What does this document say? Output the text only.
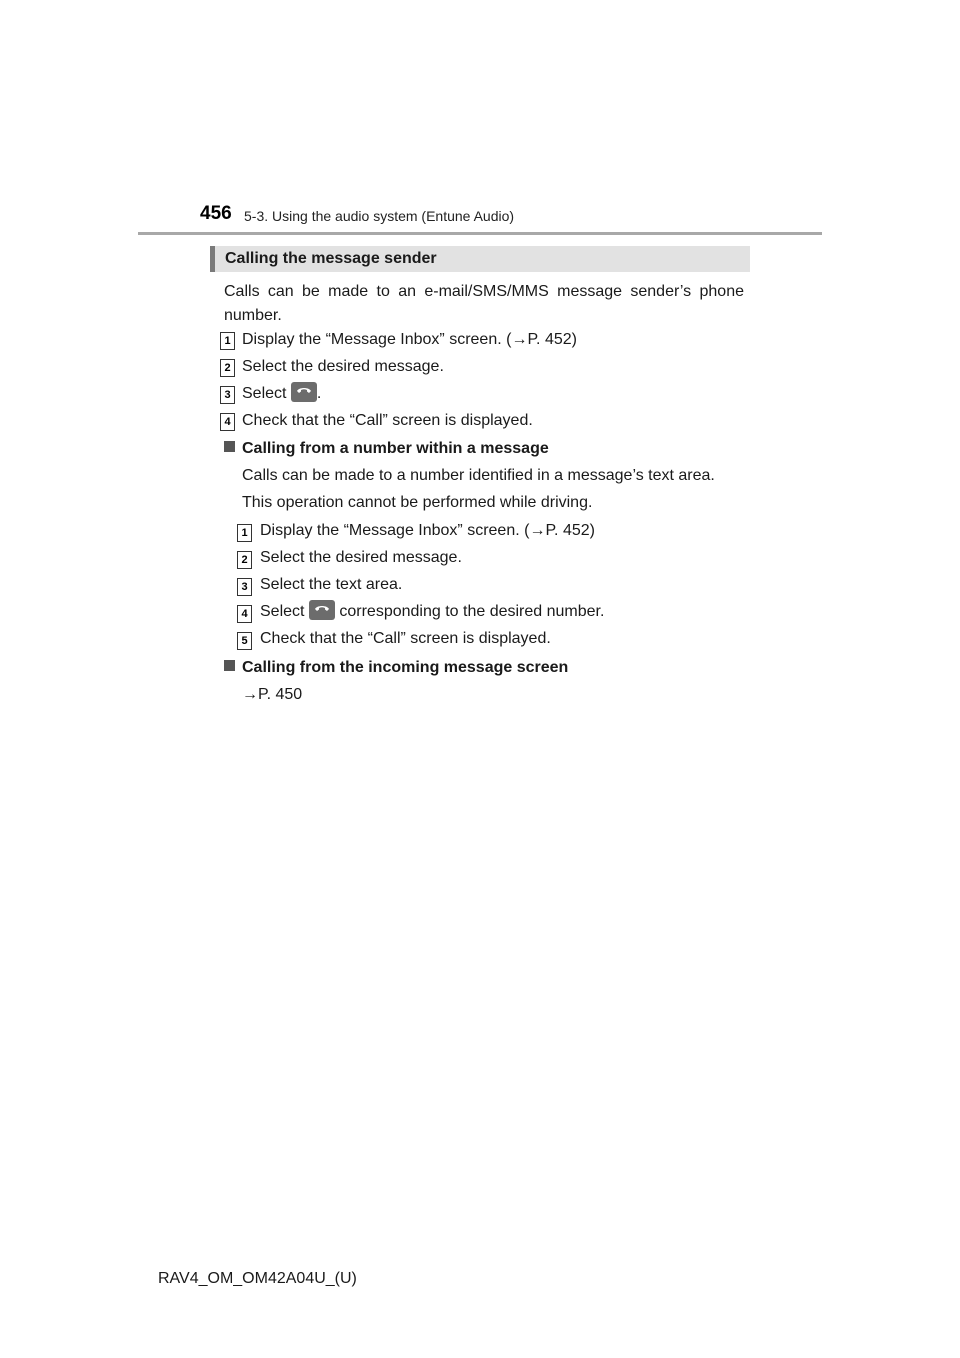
456 5-3. Using the audio system (Entune Audio)
Calling the message sender
Calls can be made to an e-mail/SMS/MMS message sender’s phone number.
1 Display the “Message Inbox” screen. (→P. 452)
2 Select the desired message.
3 Select .
4 Check that the “Call” screen is displayed.
Calling from a number within a message
Calls can be made to a number identified in a message’s text area.
This operation cannot be performed while driving.
1 Display the “Message Inbox” screen. (→P. 452)
2 Select the desired message.
3 Select the text area.
4 Select corresponding to the desired number.
5 Check that the “Call” screen is displayed.
Calling from the incoming message screen
→P. 450
RAV4_OM_OM42A04U_(U)
